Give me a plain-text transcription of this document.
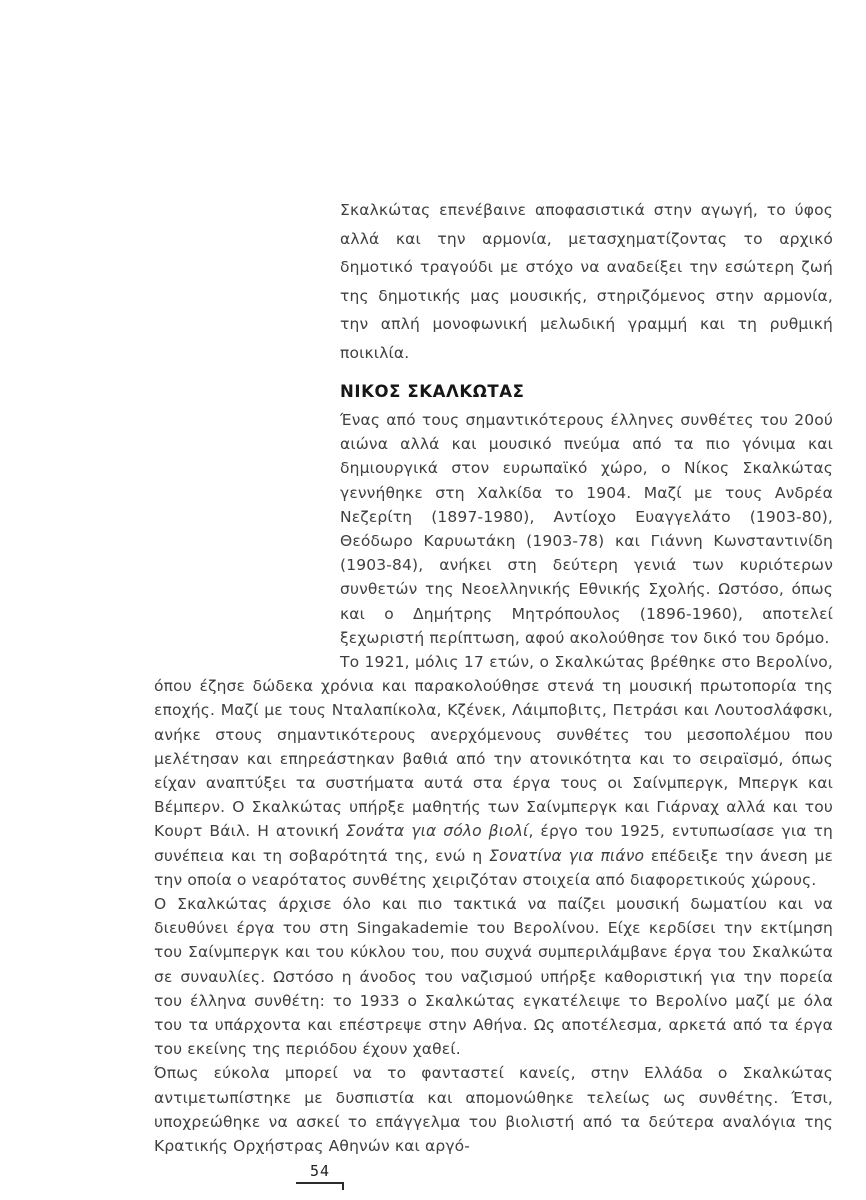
Σκαλκώτας επενέβαινε αποφασιστικά στην αγωγή, το ύφος αλλά και την αρμονία, μετασχηματίζοντας το αρχικό δημοτικό τραγούδι με στόχο να αναδείξει την εσώτερη ζωή της δημοτικής μας μουσικής, στηριζόμενος στην αρμονία, την απλή μονοφωνική μελωδική γραμμή και τη ρυθμική ποικιλία.

ΝΙΚΟΣ ΣΚΑΛΚΩΤΑΣ

Ένας από τους σημαντικότερους έλληνες συνθέτες του 20ού αιώνα αλλά και μουσικό πνεύμα από τα πιο γόνιμα και δημιουργικά στον ευρωπαϊκό χώρο, ο Νίκος Σκαλκώτας γεννήθηκε στη Χαλκίδα το 1904. Μαζί με τους Ανδρέα Νεζερίτη (1897-1980), Αντίοχο Ευαγγελάτο (1903-80), Θεόδωρο Καρυωτάκη (1903-78) και Γιάννη Κωνσταντινίδη (1903-84), ανήκει στη δεύτερη γενιά των κυριότερων συνθετών της Νεοελληνικής Εθνικής Σχολής. Ωστόσο, όπως και ο Δημήτρης Μητρόπουλος (1896-1960), αποτελεί ξεχωριστή περίπτωση, αφού ακολούθησε τον δικό του δρόμο.

Το 1921, μόλις 17 ετών, ο Σκαλκώτας βρέθηκε στο Βερολίνο, όπου έζησε δώδεκα χρόνια και παρακολούθησε στενά τη μουσική πρωτοπορία της εποχής. Μαζί με τους Νταλαπίκολα, Κζένεκ, Λάιμποβιτς, Πετράσι και Λουτοσλάφσκι, ανήκε στους σημαντικότερους ανερχόμενους συνθέτες του μεσοπολέμου που μελέτησαν και επηρεάστηκαν βαθιά από την ατονικότητα και το σειραϊσμό, όπως είχαν αναπτύξει τα συστήματα αυτά στα έργα τους οι Σαίνμπεργκ, Μπεργκ και Βέμπερν. Ο Σκαλκώτας υπήρξε μαθητής των Σαίνμπεργκ και Γιάρναχ αλλά και του Κουρτ Βάιλ. Η ατονική Σονάτα για σόλο βιολί, έργο του 1925, εντυπωσίασε για τη συνέπεια και τη σοβαρότητά της, ενώ η Σονατίνα για πιάνο επέδειξε την άνεση με την οποία ο νεαρότατος συνθέτης χειριζόταν στοιχεία από διαφορετικούς χώρους.

Ο Σκαλκώτας άρχισε όλο και πιο τακτικά να παίζει μουσική δωματίου και να διευθύνει έργα του στη Singakademie του Βερολίνου. Είχε κερδίσει την εκτίμηση του Σαίνμπεργκ και του κύκλου του, που συχνά συμπεριλάμβανε έργα του Σκαλκώτα σε συναυλίες. Ωστόσο η άνοδος του ναζισμού υπήρξε καθοριστική για την πορεία του έλληνα συνθέτη: το 1933 ο Σκαλκώτας εγκατέλειψε το Βερολίνο μαζί με όλα του τα υπάρχοντα και επέστρεψε στην Αθήνα. Ως αποτέλεσμα, αρκετά από τα έργα του εκείνης της περιόδου έχουν χαθεί.

Όπως εύκολα μπορεί να το φανταστεί κανείς, στην Ελλάδα ο Σκαλκώτας αντιμετωπίστηκε με δυσπιστία και απομονώθηκε τελείως ως συνθέτης. Έτσι, υποχρεώθηκε να ασκεί το επάγγελμα του βιολιστή από τα δεύτερα αναλόγια της Κρατικής Ορχήστρας Αθηνών και αργό-

54
